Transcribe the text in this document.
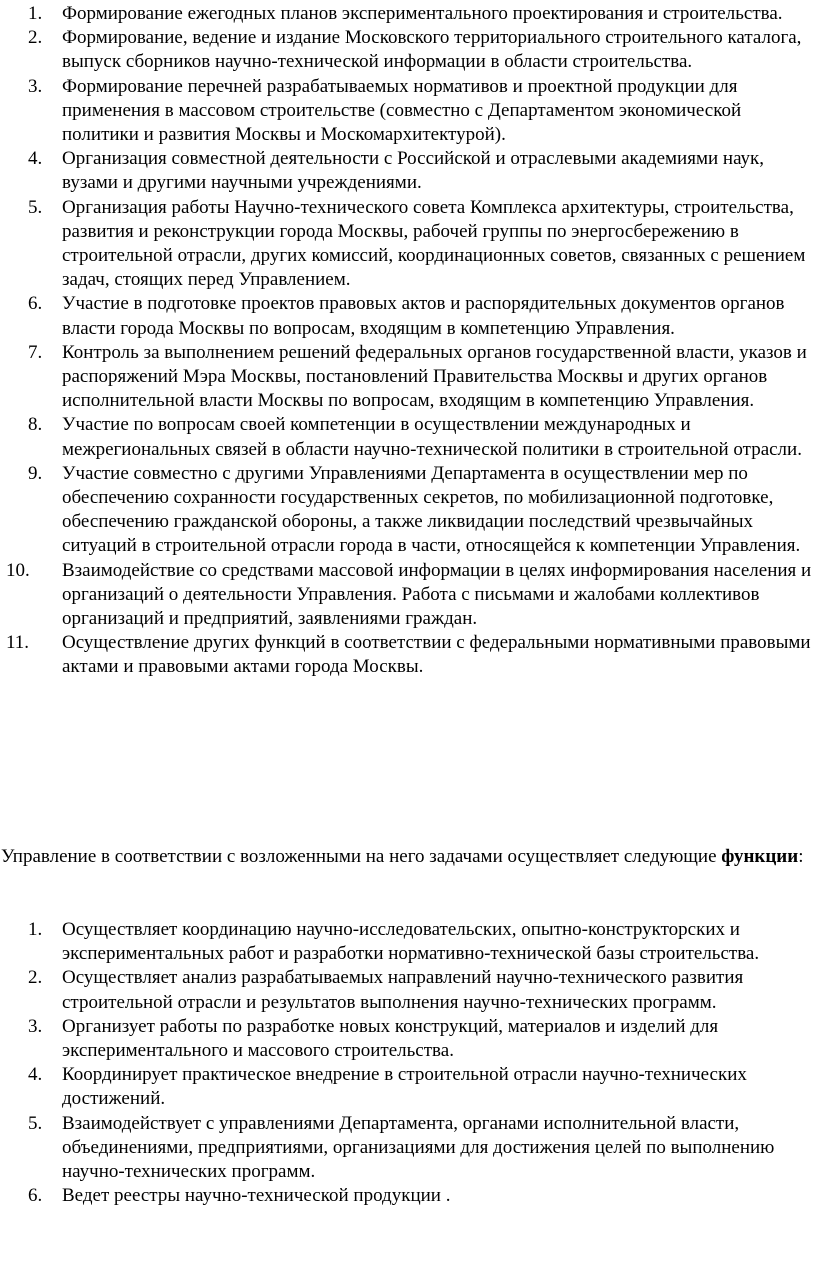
1.	Формирование ежегодных планов экспериментального проектирования и строительства.
2.	Формирование, ведение и издание Московского территориального строительного каталога, выпуск сборников научно-технической информации в области строительства.
3.	Формирование перечней разрабатываемых нормативов и проектной продукции для применения в массовом строительстве (совместно с Департаментом экономической политики и развития Москвы и Москомархитектурой).
4.	Организация совместной деятельности с Российской и отраслевыми академиями наук, вузами и другими научными учреждениями.
5.	Организация работы Научно-технического совета Комплекса архитектуры, строительства, развития и реконструкции города Москвы, рабочей группы по энергосбережению в строительной отрасли, других комиссий, координационных советов, связанных с решением задач, стоящих перед Управлением.
6.	Участие в подготовке проектов правовых актов и распорядительных документов органов власти города Москвы по вопросам, входящим в компетенцию Управления.
7.	Контроль за выполнением решений федеральных органов государственной власти, указов и распоряжений Мэра Москвы, постановлений Правительства Москвы и других органов исполнительной власти Москвы по вопросам, входящим в компетенцию Управления.
8.	Участие по вопросам своей компетенции в осуществлении международных и межрегиональных связей в области научно-технической политики в строительной отрасли.
9.	Участие совместно с другими Управлениями Департамента в осуществлении мер по обеспечению сохранности государственных секретов, по мобилизационной подготовке, обеспечению гражданской обороны, а также ликвидации последствий чрезвычайных ситуаций в строительной отрасли города в части, относящейся к компетенции Управления.
10.	Взаимодействие со средствами массовой информации в целях информирования населения и организаций о деятельности Управления. Работа с письмами и жалобами коллективов организаций и предприятий, заявлениями граждан.
11.	Осуществление других функций в соответствии с федеральными нормативными правовыми актами и правовыми актами города Москвы.

Управление в соответствии с возложенными на него задачами осуществляет следующие функции:

1.	Осуществляет координацию научно-исследовательских, опытно-конструкторских и экспериментальных работ и разработки нормативно-технической базы строительства.
2.	Осуществляет анализ разрабатываемых направлений научно-технического развития строительной отрасли и результатов выполнения научно-технических программ.
3.	Организует работы по разработке новых конструкций, материалов и изделий для экспериментального и массового строительства.
4.	Координирует практическое внедрение в строительной отрасли научно-технических достижений.
5.	Взаимодействует с управлениями Департамента, органами исполнительной власти, объединениями, предприятиями, организациями для достижения целей по выполнению научно-технических программ.
6.	Ведет реестры научно-технической продукции .
